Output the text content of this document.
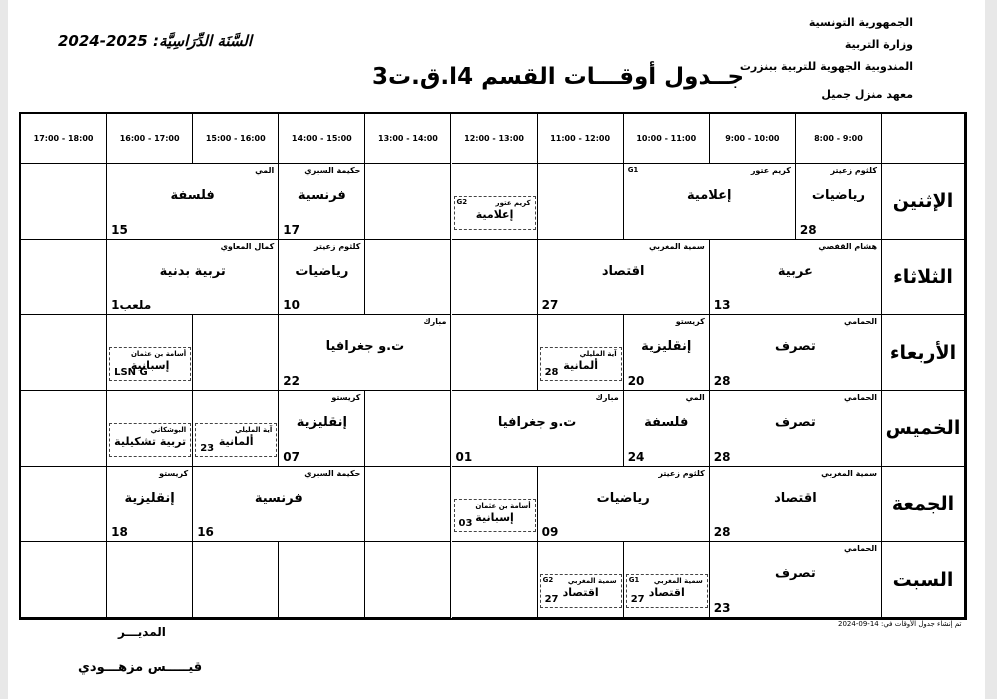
الجمهورية التونسية
وزارة التربية
المندوبية الجهوية للتربية ببنزرت
معهد منزل جميل
السَّنَة الدِّرَاسِيَّة: 2025-2024
جــدول أوقـــات القسم 4ا.ق.ت3
8:00 - 9:00
9:00 - 10:00
10:00 - 11:00
11:00 - 12:00
12:00 - 13:00
13:00 - 14:00
14:00 - 15:00
15:00 - 16:00
16:00 - 17:00
17:00 - 18:00
الإثنين
الثلاثاء
الأربعاء
الخميس
الجمعة
السبت
كلثوم زعيتر
رياضيات
28
كريم عتور
إعلامية
G1
حكيمة السبري
فرنسية
17
المي
فلسفة
15
هشام القفصي
عربية
13
سمية المغربي
اقتصاد
27
كلثوم زعيتر
رياضيات
10
كمال المعاوي
تربية بدنية
ملعب1
الحمامي
تصرف
28
كريستو
إنقليزية
20
مبارك
ت.و جغرافيا
22
الحمامي
تصرف
28
المي
فلسفة
24
مبارك
ت.و جغرافيا
01
كريستو
إنقليزية
07
سمية المغربي
اقتصاد
28
كلثوم زعيتر
رياضيات
09
حكيمة السبري
فرنسية
16
كريستو
إنقليزية
18
الحمامي
تصرف
23
كريم عتور
إعلامية
G2
آية المليلي
ألمانية
28
أسامة بن عثمان
إسبانية
LSN G
آية المليلي
ألمانية
23
البوشكاني
تربية تشكيلية
أسامة بن عثمان
إسبانية
03
سمية المغربي
اقتصاد
27
G1
سمية المغربي
اقتصاد
27
G2
المديـــر
قيـــــس مزهـــودي
تم إنشاء جدول الأوقات في: 14-09-2024
